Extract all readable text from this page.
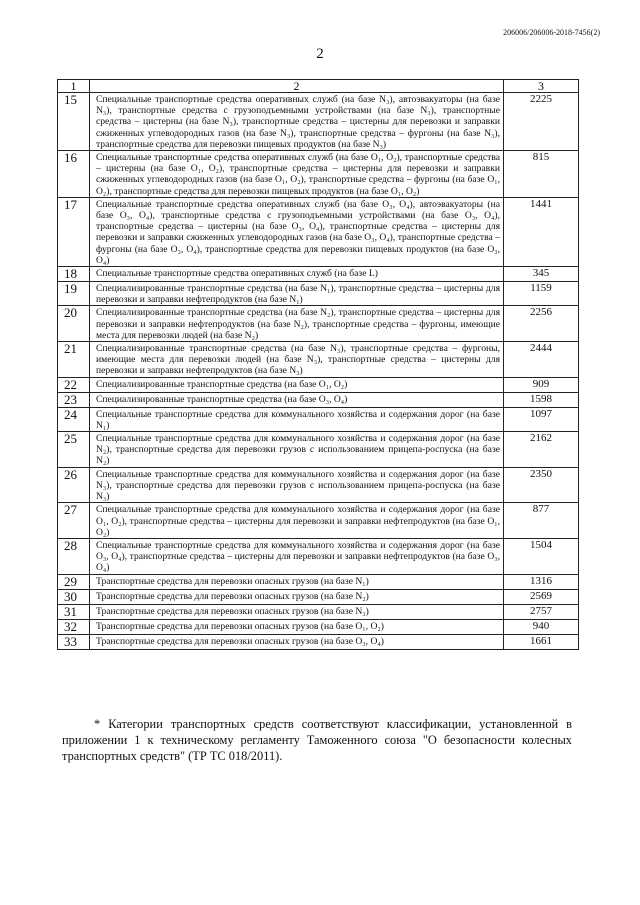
206006/206006-2018-7456(2)
2
1	2	3
15	Специальные транспортные средства оперативных служб (на базе N₃), автоэвакуаторы (на базе N₃), транспортные средства с грузоподъемными устройствами (на базе N₃), транспортные средства – цистерны (на базе N₃), транспортные средства – цистерны для перевозки и заправки сжиженных углеводородных газов (на базе N₃), транспортные средства – фургоны (на базе N₃), транспортные средства для перевозки пищевых продуктов (на базе N₃)	2225
16	Специальные транспортные средства оперативных служб (на базе O₁, O₂), транспортные средства – цистерны (на базе O₁, O₂), транспортные средства – цистерны для перевозки и заправки сжиженных углеводородных газов (на базе O₁, O₂), транспортные средства – фургоны (на базе O₁, O₂), транспортные средства для перевозки пищевых продуктов (на базе O₁, O₂)	815
17	Специальные транспортные средства оперативных служб (на базе O₃, O₄), автоэвакуаторы (на базе O₃, O₄), транспортные средства с грузоподъемными устройствами (на базе O₃, O₄), транспортные средства – цистерны (на базе O₃, O₄), транспортные средства – цистерны для перевозки и заправки сжиженных углеводородных газов (на базе O₃, O₄), транспортные средства – фургоны (на базе O₃, O₄), транспортные средства для перевозки пищевых продуктов (на базе O₃, O₄)	1441
18	Специальные транспортные средства оперативных служб (на базе L)	345
19	Специализированные транспортные средства (на базе N₁), транспортные средства – цистерны для перевозки и заправки нефтепродуктов (на базе N₁)	1159
20	Специализированные транспортные средства (на базе N₂), транспортные средства – цистерны для перевозки и заправки нефтепродуктов (на базе N₂), транспортные средства – фургоны, имеющие места для перевозки людей (на базе N₂)	2256
21	Специализированные транспортные средства (на базе N₃), транспортные средства – фургоны, имеющие места для перевозки людей (на базе N₃), транспортные средства – цистерны для перевозки и заправки нефтепродуктов (на базе N₃)	2444
22	Специализированные транспортные средства (на базе O₁, O₂)	909
23	Специализированные транспортные средства (на базе O₃, O₄)	1598
24	Специальные транспортные средства для коммунального хозяйства и содержания дорог (на базе N₁)	1097
25	Специальные транспортные средства для коммунального хозяйства и содержания дорог (на базе N₂), транспортные средства для перевозки грузов с использованием прицепа-роспуска (на базе N₂)	2162
26	Специальные транспортные средства для коммунального хозяйства и содержания дорог (на базе N₃), транспортные средства для перевозки грузов с использованием прицепа-роспуска (на базе N₃)	2350
27	Специальные транспортные средства для коммунального хозяйства и содержания дорог (на базе O₁, O₂), транспортные средства – цистерны для перевозки и заправки нефтепродуктов (на базе O₁, O₂)	877
28	Специальные транспортные средства для коммунального хозяйства и содержания дорог (на базе O₃, O₄), транспортные средства – цистерны для перевозки и заправки нефтепродуктов (на базе O₃, O₄)	1504
29	Транспортные средства для перевозки опасных грузов (на базе N₁)	1316
30	Транспортные средства для перевозки опасных грузов (на базе N₂)	2569
31	Транспортные средства для перевозки опасных грузов (на базе N₃)	2757
32	Транспортные средства для перевозки опасных грузов (на базе O₁, O₂)	940
33	Транспортные средства для перевозки опасных грузов (на базе O₃, O₄)	1661
* Категории транспортных средств соответствуют классификации, установленной в приложении 1 к техническому регламенту Таможенного союза "О безопасности колесных транспортных средств" (ТР ТС 018/2011).
